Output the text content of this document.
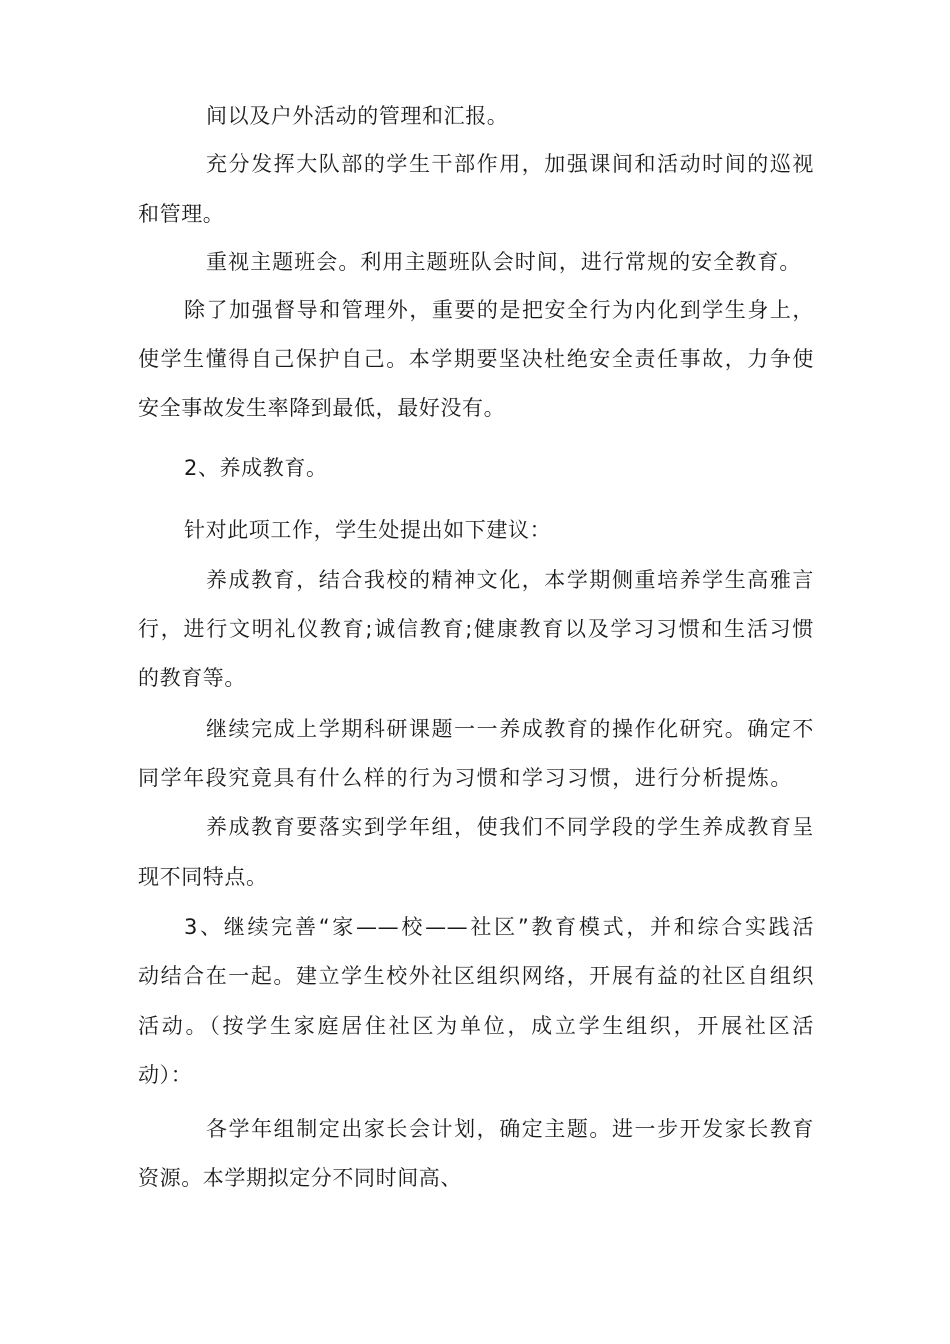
间以及户外活动的管理和汇报。
充分发挥大队部的学生干部作用，加强课间和活动时间的巡视
和管理。
重视主题班会。利用主题班队会时间，进行常规的安全教育。
除了加强督导和管理外，重要的是把安全行为内化到学生身上，
使学生懂得自己保护自己。本学期要坚决杜绝安全责任事故，力争使
安全事故发生率降到最低，最好没有。
2、养成教育。
针对此项工作，学生处提出如下建议：
养成教育，结合我校的精神文化，本学期侧重培养学生高雅言
行，进行文明礼仪教育;诚信教育;健康教育以及学习习惯和生活习惯
的教育等。
继续完成上学期科研课题一一养成教育的操作化研究。确定不
同学年段究竟具有什么样的行为习惯和学习习惯，进行分析提炼。
养成教育要落实到学年组，使我们不同学段的学生养成教育呈
现不同特点。
3、继续完善“家——校——社区”教育模式，并和综合实践活
动结合在一起。建立学生校外社区组织网络，开展有益的社区自组织
活动。（按学生家庭居住社区为单位，成立学生组织，开展社区活
动）：
各学年组制定出家长会计划，确定主题。进一步开发家长教育
资源。本学期拟定分不同时间高、
